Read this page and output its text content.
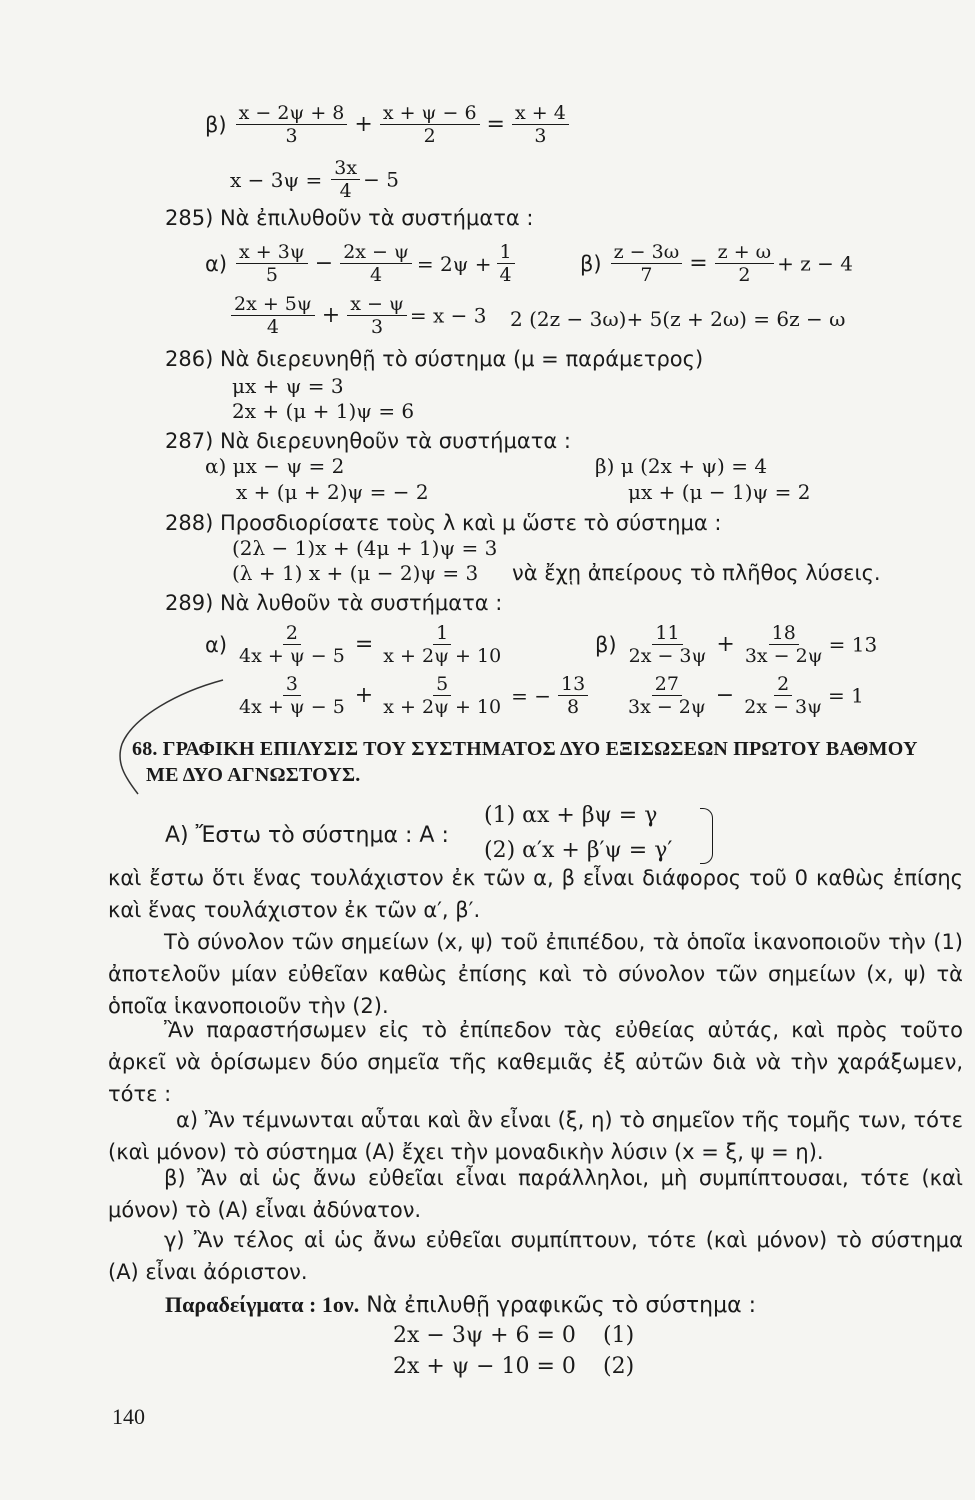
$\beta) \frac{x - 2\psi + 8}{3} + \frac{x + \psi - 6}{2} = \frac{x + 4}{3}$
$x - 3\psi = \frac{3x}{4} - 5$
285) Νὰ ἐπιλυθοῦν τὰ συστήματα :
$\alpha) \frac{x + 3\psi}{5} - \frac{2x - \psi}{4} = 2\psi + \frac{1}{4}$	$\beta) \frac{z - 3\omega}{7} = \frac{z + \omega}{2} + z - 4$
$\frac{2x + 5\psi}{4} + \frac{x - \psi}{3} = x - 3$ 2 (2z − 3ω)+ 5(z + 2ω) = 6z − ω
286) Νὰ διερευνηθῇ τὸ σύστημα (μ = παράμετρος)
μx + ψ = 3
2x + (μ + 1)ψ = 6
287) Νὰ διερευνηθοῦν τὰ συστήματα :
α) μx − ψ = 2
x + (μ + 2)ψ = − 2
β) μ (2x + ψ) = 4
μx + (μ − 1)ψ = 2
288) Προσδιορίσατε τοὺς λ καὶ μ ὥστε τὸ σύστημα :
(2λ − 1)x + (4μ + 1)ψ = 3
(λ + 1) x + (μ − 2)ψ = 3 νὰ ἔχῃ ἀπείρους τὸ πλῆθος λύσεις.
289) Νὰ λυθοῦν τὰ συστήματα :
$\alpha) \frac{2}{4x + \psi - 5} = \frac{1}{x + 2\psi + 10}$
$\frac{3}{4x + \psi - 5} + \frac{5}{x + 2\psi + 10}$ = − $\frac{13}{8}$
$\beta) \frac{11}{2x - 3\psi} + \frac{18}{3x - 2\psi} = 13$
$\frac{27}{3x - 2\psi} - \frac{2}{2x - 3\psi} = 1$
68. ΓΡΑΦΙΚΗ ΕΠΙΛΥΣΙΣ ΤΟΥ ΣΥΣΤΗΜΑΤΟΣ ΔΥΟ ΕΞΙΣΩΣΕΩΝ ΠΡΩΤΟΥ ΒΑΘΜΟΥ
ΜΕ ΔΥΟ ΑΓΝΩΣΤΟΥΣ.
Α) Ἔστω τὸ σύστημα : Α :
(1) αx + βψ = γ
(2) α′x + β′ψ = γ′
καὶ ἔστω ὅτι ἕνας τουλάχιστον ἐκ τῶν α, β εἶναι διάφορος τοῦ 0 καθὼς ἐπίσης καὶ ἕνας τουλάχιστον ἐκ τῶν α′, β′.
Τὸ σύνολον τῶν σημείων (x, ψ) τοῦ ἐπιπέδου, τὰ ὁποῖα ἱκανοποιοῦν τὴν (1) ἀποτελοῦν μίαν εὐθεῖαν καθὼς ἐπίσης καὶ τὸ σύνολον τῶν σημείων (x, ψ) τὰ ὁποῖα ἱκανοποιοῦν τὴν (2).
Ἂν παραστήσωμεν εἰς τὸ ἐπίπεδον τὰς εὐθείας αὐτάς, καὶ πρὸς τοῦτο ἀρκεῖ νὰ ὁρίσωμεν δύο σημεῖα τῆς καθεμιᾶς ἐξ αὐτῶν διὰ νὰ τὴν χαράξωμεν, τότε :
α) Ἂν τέμνωνται αὗται καὶ ἂν εἶναι (ξ, η) τὸ σημεῖον τῆς τομῆς των, τότε (καὶ μόνον) τὸ σύστημα (Α) ἔχει τὴν μοναδικὴν λύσιν (x = ξ, ψ = η).
β) Ἂν αἱ ὡς ἄνω εὐθεῖαι εἶναι παράλληλοι, μὴ συμπίπτουσαι, τότε (καὶ μόνον) τὸ (Α) εἶναι ἀδύνατον.
γ) Ἂν τέλος αἱ ὡς ἄνω εὐθεῖαι συμπίπτουν, τότε (καὶ μόνον) τὸ σύστημα (Α) εἶναι ἀόριστον.
Παραδείγματα : 1ον. Νὰ ἐπιλυθῇ γραφικῶς τὸ σύστημα :
2x − 3ψ + 6 = 0 (1)
2x + ψ − 10 = 0 (2)
140
